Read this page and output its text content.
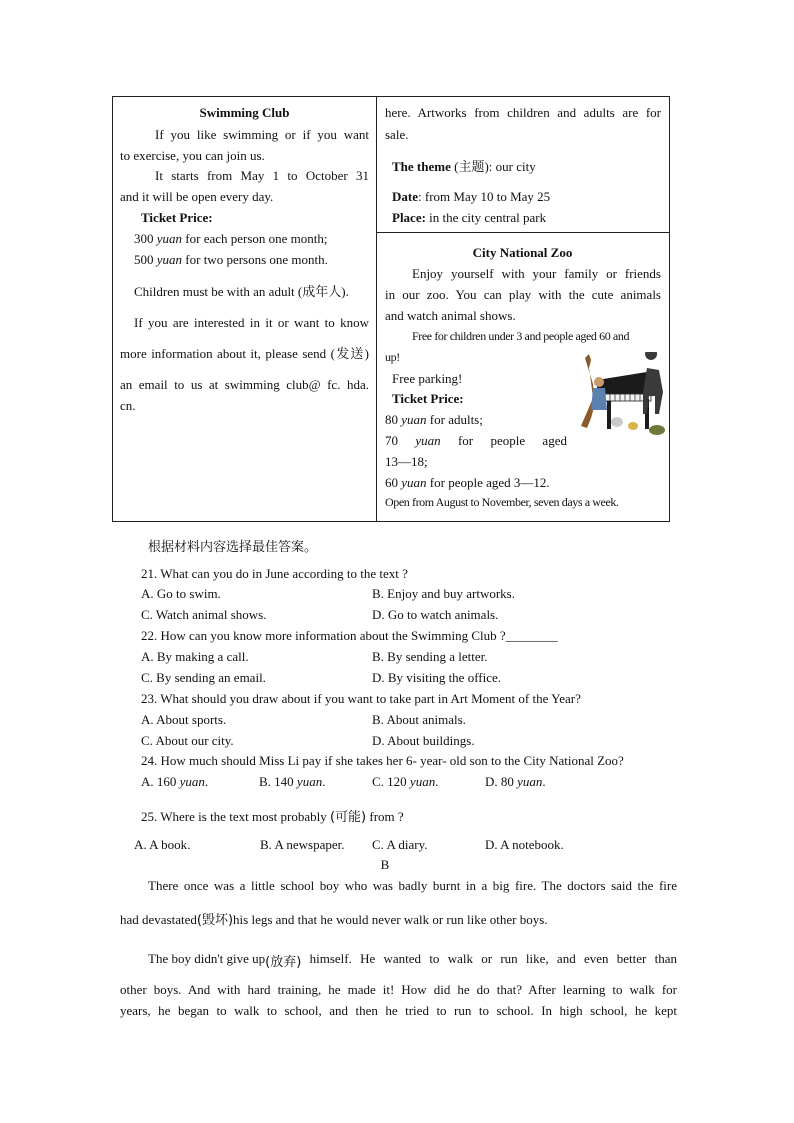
Swimming Club
If you like swimming or if you want
to exercise, you can join us.
It starts from May 1 to October 31
and it will be open every day.
Ticket Price:
300 yuan for each person one month;
500 yuan for two persons one month.
Children must be with an adult (成年人).
If you are interested in it or want to know
more information about it, please send (发送)
an email to us at swimming club@ fc. hda.
cn.
here. Artworks from children and adults are for
sale.
The theme (主题): our city
Date: from May 10 to May 25
Place: in the city central park
City National Zoo
Enjoy yourself with your family or friends
in our zoo. You can play with the cute animals
and watch animal shows.
Free for children under 3 and people aged 60 and
up!
Free parking!
Ticket Price:
80 yuan for adults;
70 yuan for people aged
13—18;
60 yuan for people aged 3—12.
Open from August to November, seven days a week.
根据材料内容选择最佳答案。
21. What can you do in June according to the text ?
A. Go to swim.	B. Enjoy and buy artworks.
C. Watch animal shows.	D. Go to watch animals.
22. How can you know more information about the Swimming Club ?________
A. By making a call.	B. By sending a letter.
C. By sending an email.	D. By visiting the office.
23. What should you draw about if you want to take part in Art Moment of the Year?
A. About sports.	B. About animals.
C. About our city.	D. About buildings.
24. How much should Miss Li pay if she takes her 6- year- old son to the City National Zoo?
A. 160 yuan.	B. 140 yuan.	C. 120 yuan.	D. 80 yuan.
25. Where is the text most probably (可能) from ?
A. A book.	B. A newspaper. C. A diary.	D. A notebook.
B
There once was a little school boy who was badly burnt in a big fire. The doctors said the fire
had devastated(毁坏)his legs and that he would never walk or run like other boys.
The boy didn't give up (放弃) himself. He wanted to walk or run like, and even better than
other boys. And with hard training, he made it! How did he do that? After learning to walk for
years, he began to walk to school, and then he tried to run to school. In high school, he kept
